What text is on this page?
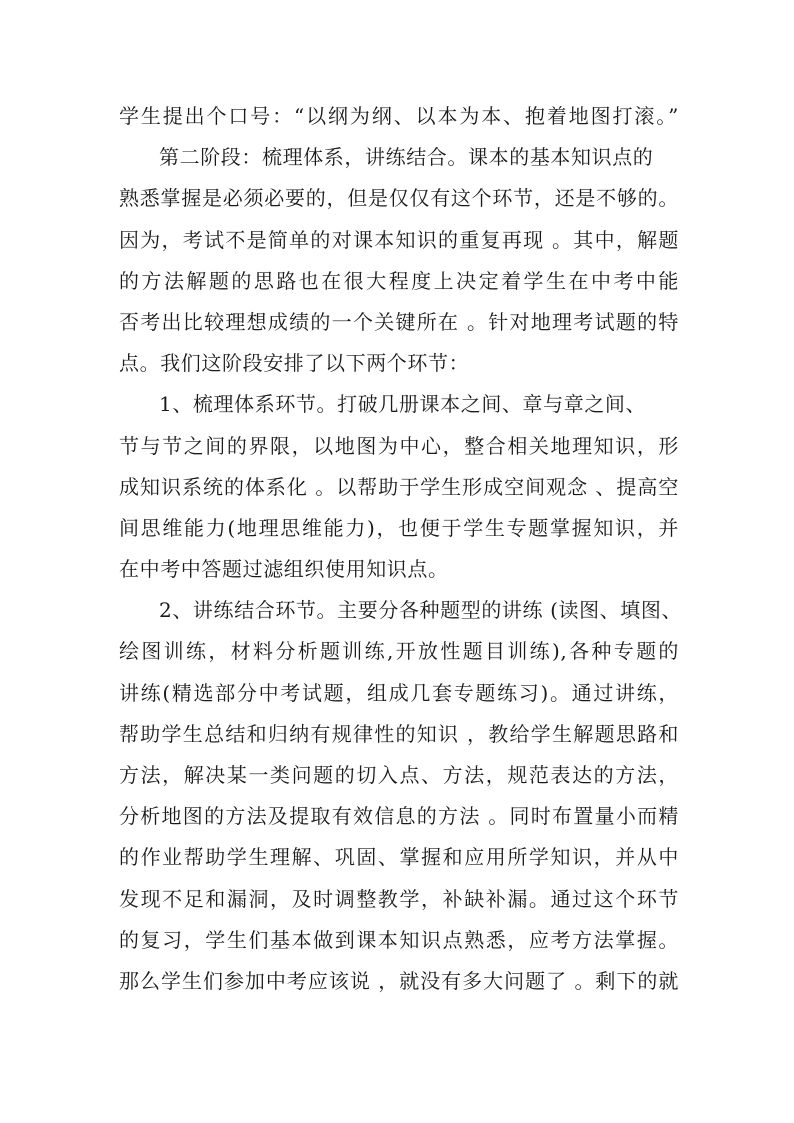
学生提出个口号：“以纲为纲、以本为本、抱着地图打滚。”
第二阶段：梳理体系，讲练结合。课本的基本知识点的
熟悉掌握是必须必要的，但是仅仅有这个环节，还是不够的。
因为，考试不是简单的对课本知识的重复再现 。其中，解题
的方法解题的思路也在很大程度上决定着学生在中考中能
否考出比较理想成绩的一个关键所在 。针对地理考试题的特
点。我们这阶段安排了以下两个环节：
1、梳理体系环节。打破几册课本之间、章与章之间、
节与节之间的界限，以地图为中心，整合相关地理知识，形
成知识系统的体系化 。以帮助于学生形成空间观念 、提高空
间思维能力(地理思维能力)，也便于学生专题掌握知识，并
在中考中答题过滤组织使用知识点。
2、讲练结合环节。主要分各种题型的讲练 (读图、填图、
绘图训练，材料分析题训练,开放性题目训练),各种专题的
讲练(精选部分中考试题，组成几套专题练习)。通过讲练，
帮助学生总结和归纳有规律性的知识 ，教给学生解题思路和
方法，解决某一类问题的切入点、方法，规范表达的方法，
分析地图的方法及提取有效信息的方法 。同时布置量小而精
的作业帮助学生理解、巩固、掌握和应用所学知识，并从中
发现不足和漏洞，及时调整教学，补缺补漏。通过这个环节
的复习，学生们基本做到课本知识点熟悉，应考方法掌握。
那么学生们参加中考应该说 ，就没有多大问题了 。剩下的就
